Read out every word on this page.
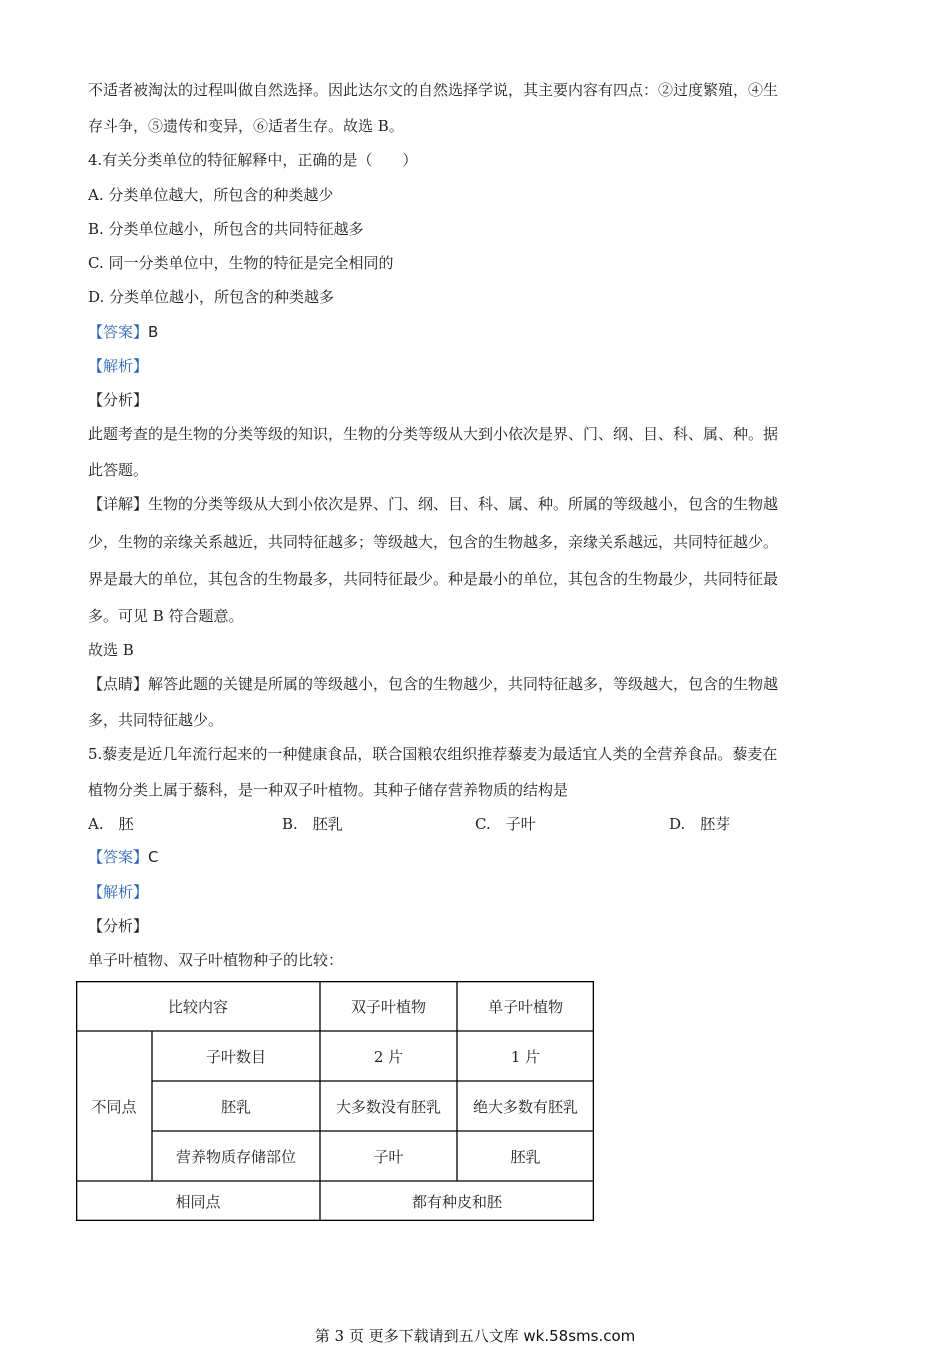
不适者被淘汰的过程叫做自然选择。因此达尔文的自然选择学说，其主要内容有四点：②过度繁殖，④生
存斗争，⑤遗传和变异，⑥适者生存。故选 B。
4.有关分类单位的特征解释中，正确的是（　　）
A. 分类单位越大，所包含的种类越少
B. 分类单位越小，所包含的共同特征越多
C. 同一分类单位中，生物的特征是完全相同的
D. 分类单位越小，所包含的种类越多
【答案】B
【解析】
【分析】
此题考查的是生物的分类等级的知识，生物的分类等级从大到小依次是界、门、纲、目、科、属、种。据
此答题。
【详解】生物的分类等级从大到小依次是界、门、纲、目、科、属、种。所属的等级越小，包含的生物越
少，生物的亲缘关系越近，共同特征越多；等级越大，包含的生物越多，亲缘关系越远，共同特征越少。
界是最大的单位，其包含的生物最多，共同特征最少。种是最小的单位，其包含的生物最少，共同特征最
多。可见 B 符合题意。
故选 B
【点睛】解答此题的关键是所属的等级越小，包含的生物越少，共同特征越多，等级越大，包含的生物越
多，共同特征越少。
5.藜麦是近几年流行起来的一种健康食品，联合国粮农组织推荐藜麦为最适宜人类的全营养食品。藜麦在
植物分类上属于藜科，是一种双子叶植物。其种子储存营养物质的结构是
A.　胚	B.　胚乳	C.　子叶	D.　胚芽
【答案】C
【解析】
【分析】
单子叶植物、双子叶植物种子的比较：
比较内容	双子叶植物	单子叶植物
不同点
子叶数目	2 片	1 片
胚乳	大多数没有胚乳	绝大多数有胚乳
营养物质存储部位	子叶	胚乳
相同点	都有种皮和胚
第 3 页 更多下载请到五八文库 wk.58sms.com
